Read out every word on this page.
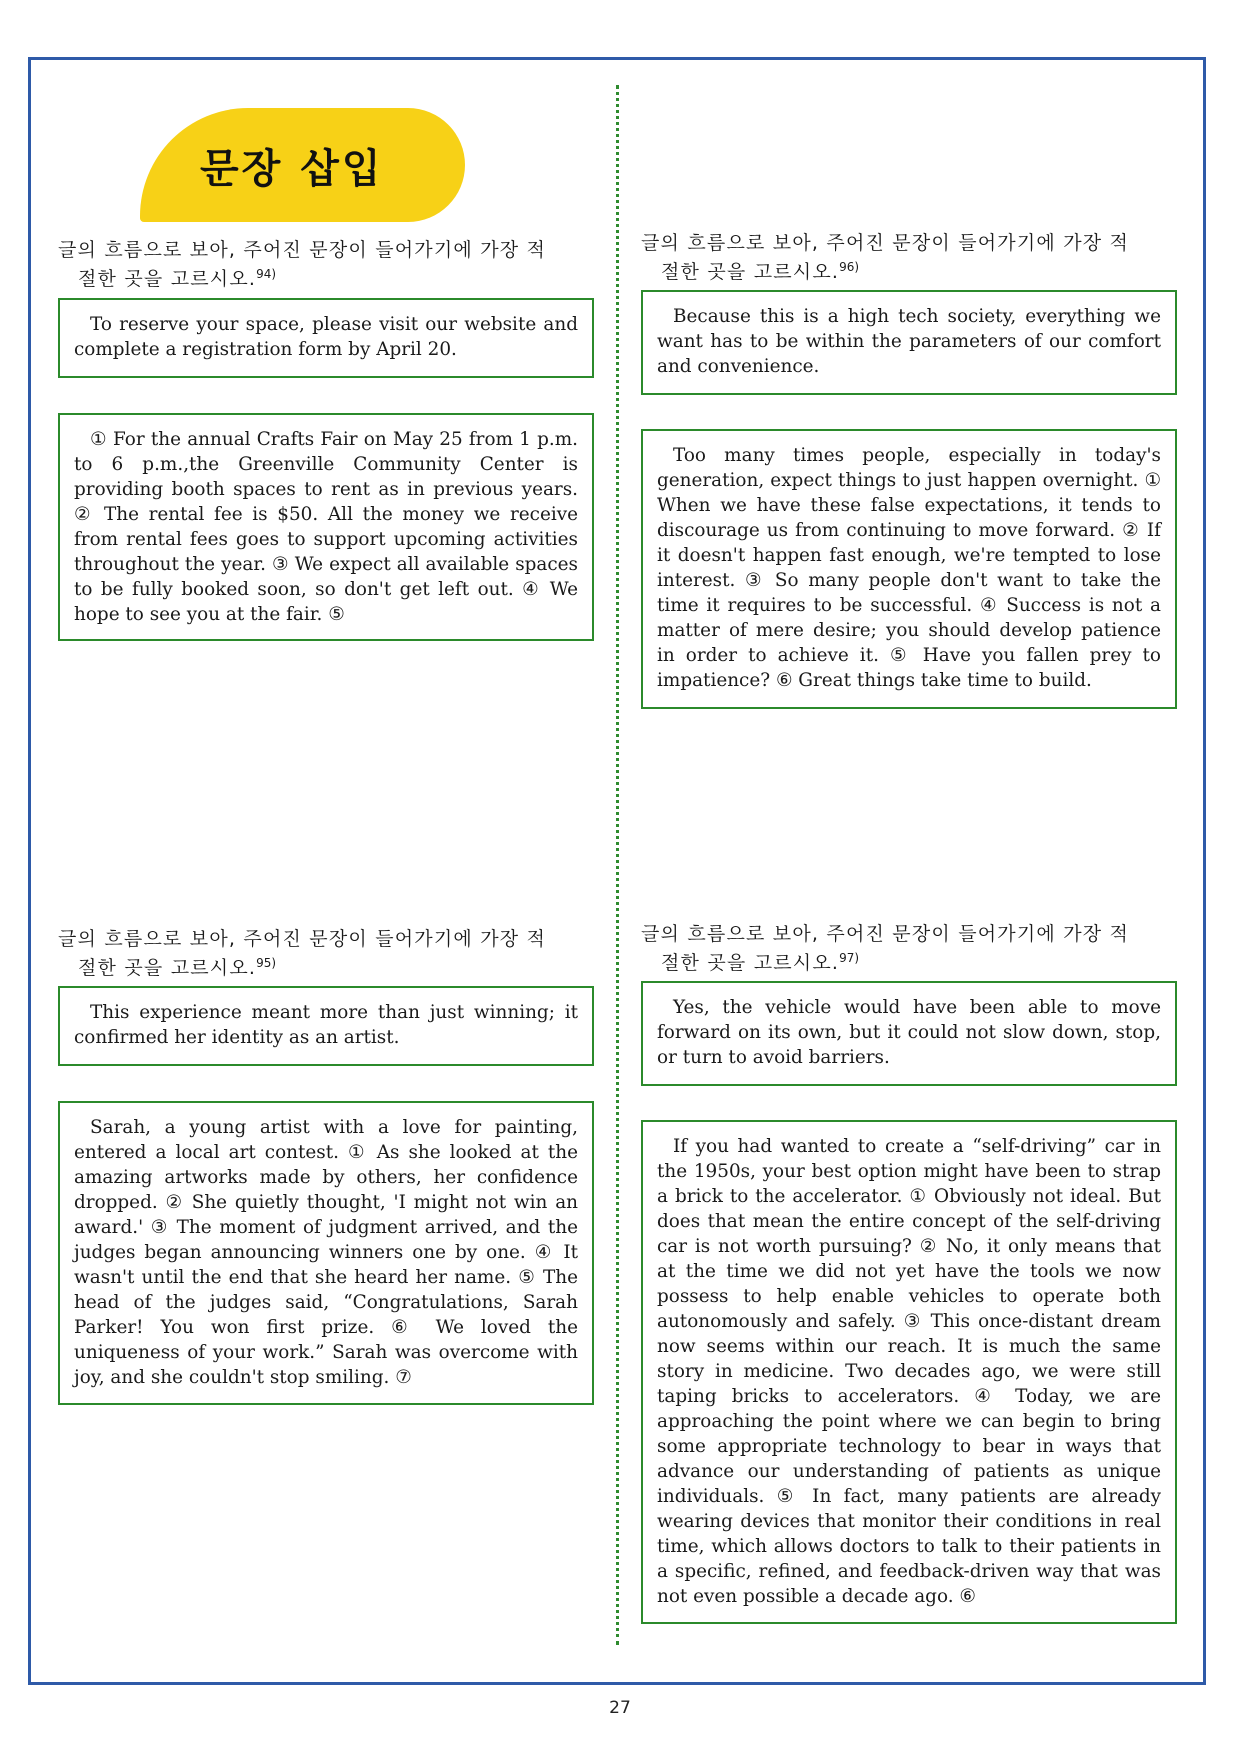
문장 삽입
글의 흐름으로 보아, 주어진 문장이 들어가기에 가장 적
절한 곳을 고르시오.$^{94)}$
To reserve your space, please visit our website and complete a registration form by April 20.
① For the annual Crafts Fair on May 25 from 1 p.m. to 6 p.m.,the Greenville Community Center is providing booth spaces to rent as in previous years. ② The rental fee is $50. All the money we receive from rental fees goes to support upcoming activities throughout the year. ③ We expect all available spaces to be fully booked soon, so don't get left out. ④ We hope to see you at the fair. ⑤
글의 흐름으로 보아, 주어진 문장이 들어가기에 가장 적
절한 곳을 고르시오.$^{95)}$
This experience meant more than just winning; it confirmed her identity as an artist.
Sarah, a young artist with a love for painting, entered a local art contest. ① As she looked at the amazing artworks made by others, her confidence dropped. ② She quietly thought, 'I might not win an award.' ③ The moment of judgment arrived, and the judges began announcing winners one by one. ④ It wasn't until the end that she heard her name. ⑤ The head of the judges said, “Congratulations, Sarah Parker! You won first prize. ⑥ We loved the uniqueness of your work.” Sarah was overcome with joy, and she couldn't stop smiling. ⑦
글의 흐름으로 보아, 주어진 문장이 들어가기에 가장 적
절한 곳을 고르시오.$^{96)}$
Because this is a high tech society, everything we want has to be within the parameters of our comfort and convenience.
Too many times people, especially in today's generation, expect things to just happen overnight. ① When we have these false expectations, it tends to discourage us from continuing to move forward. ② If it doesn't happen fast enough, we're tempted to lose interest. ③ So many people don't want to take the time it requires to be successful. ④ Success is not a matter of mere desire; you should develop patience in order to achieve it. ⑤ Have you fallen prey to impatience? ⑥ Great things take time to build.
글의 흐름으로 보아, 주어진 문장이 들어가기에 가장 적
절한 곳을 고르시오.$^{97)}$
Yes, the vehicle would have been able to move forward on its own, but it could not slow down, stop, or turn to avoid barriers.
If you had wanted to create a “self-driving” car in the 1950s, your best option might have been to strap a brick to the accelerator. ① Obviously not ideal. But does that mean the entire concept of the self-driving car is not worth pursuing? ② No, it only means that at the time we did not yet have the tools we now possess to help enable vehicles to operate both autonomously and safely. ③ This once-distant dream now seems within our reach. It is much the same story in medicine. Two decades ago, we were still taping bricks to accelerators. ④ Today, we are approaching the point where we can begin to bring some appropriate technology to bear in ways that advance our understanding of patients as unique individuals. ⑤ In fact, many patients are already wearing devices that monitor their conditions in real time, which allows doctors to talk to their patients in a specific, refined, and feedback-driven way that was not even possible a decade ago. ⑥
27
